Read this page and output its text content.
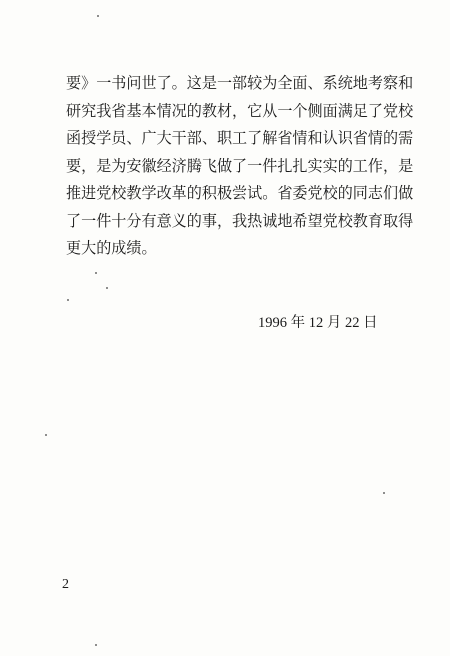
要》一书问世了。这是一部较为全面、系统地考察和
研究我省基本情况的教材，它从一个侧面满足了党校
函授学员、广大干部、职工了解省情和认识省情的需
要，是为安徽经济腾飞做了一件扎扎实实的工作，是
推进党校教学改革的积极尝试。省委党校的同志们做
了一件十分有意义的事，我热诚地希望党校教育取得
更大的成绩。
1996 年 12 月 22 日
2
